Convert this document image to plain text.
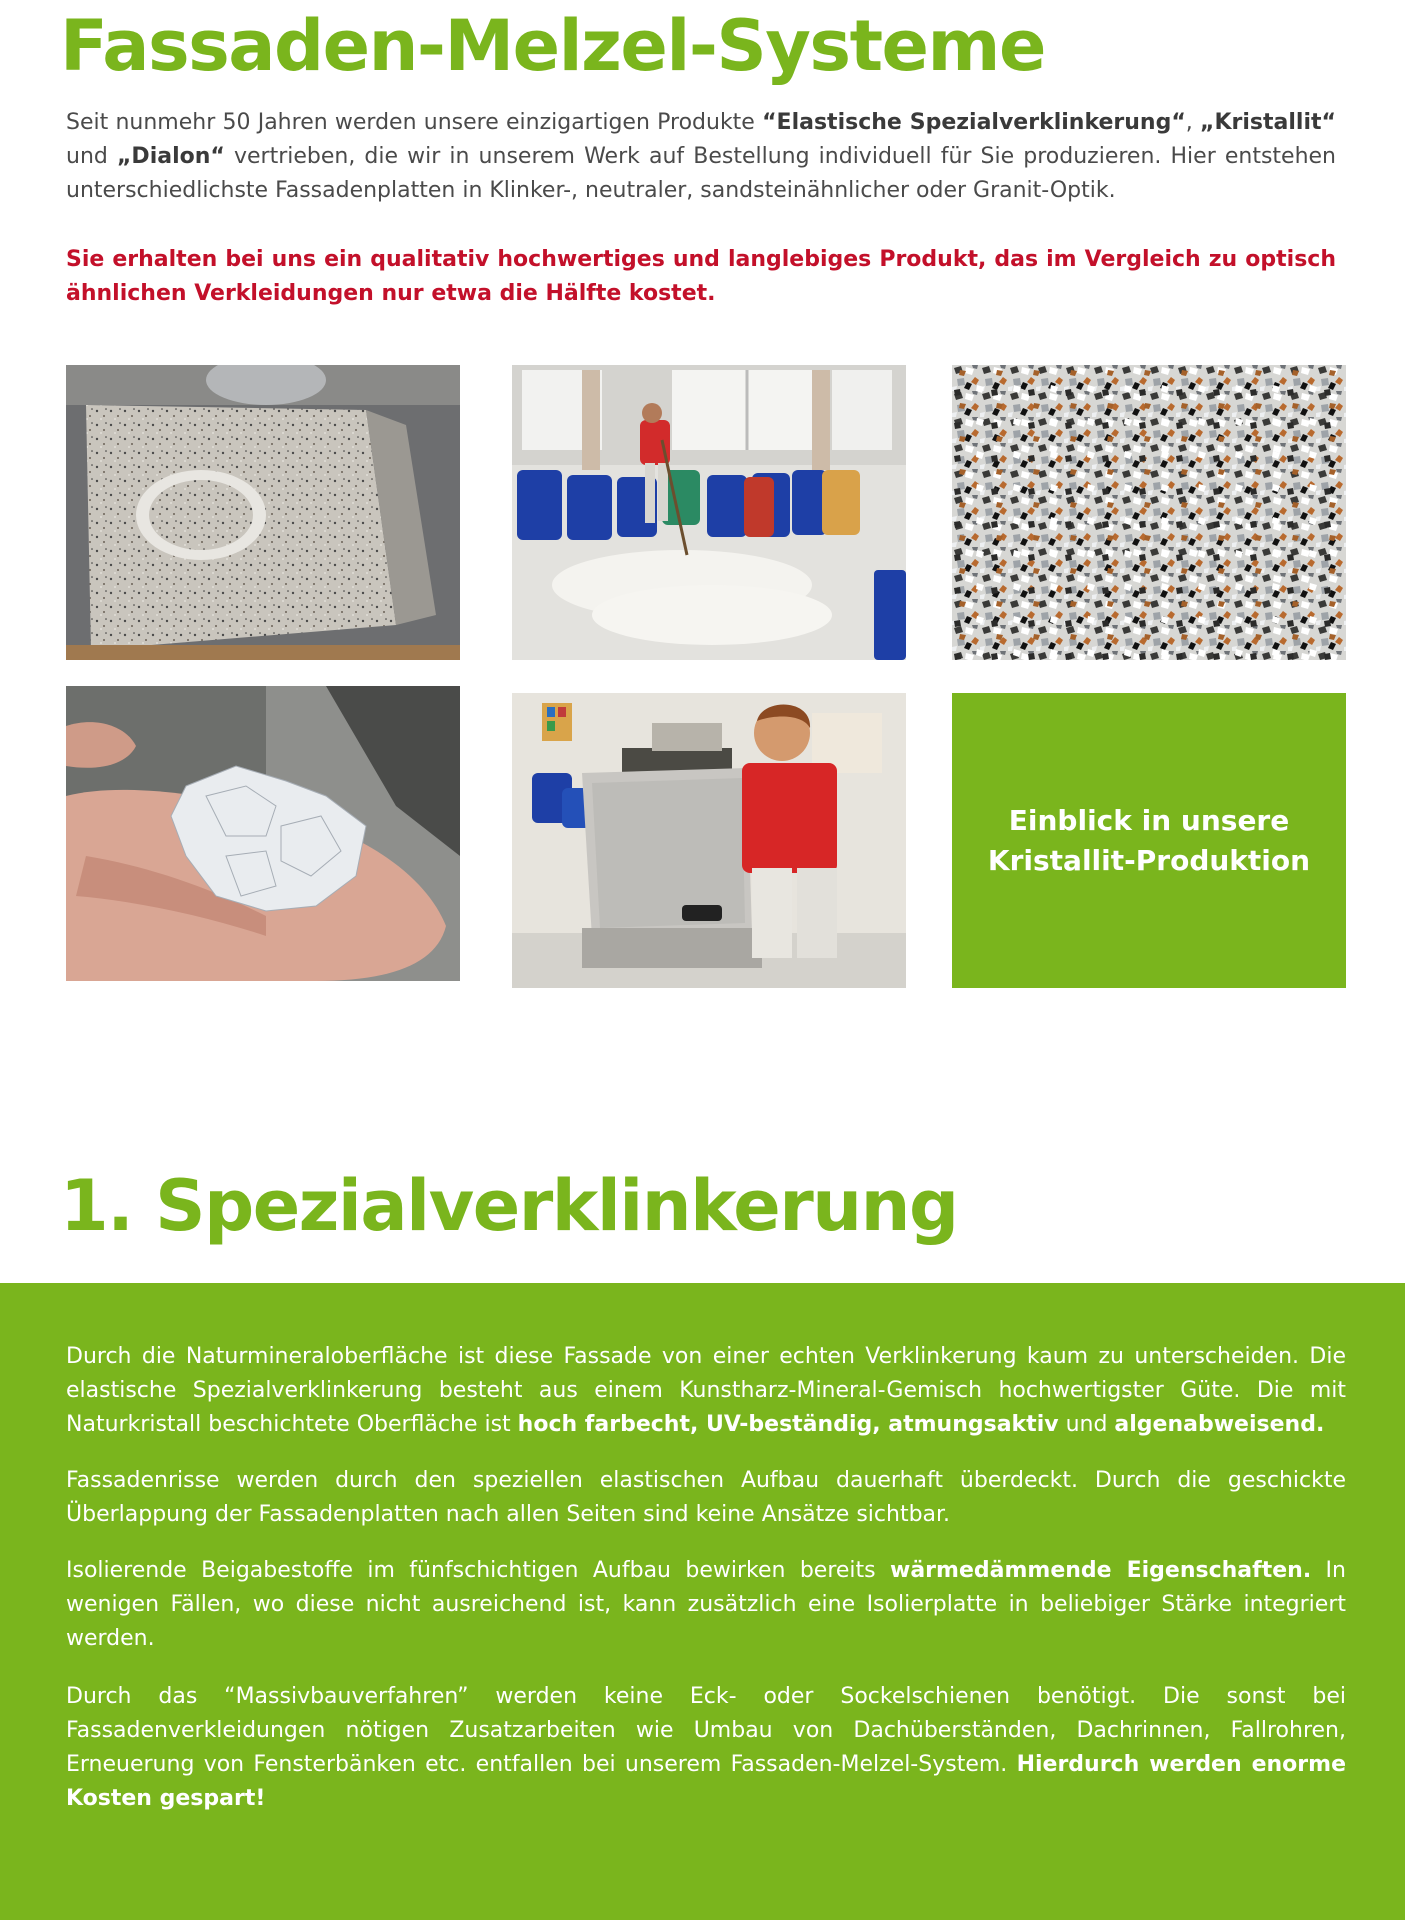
Fassaden-Melzel-Systeme

Seit nunmehr 50 Jahren werden unsere einzigartigen Produkte “Elastische Spezialverklinkerung“, „Kristallit“ und „Dialon“ vertrieben, die wir in unserem Werk auf Bestellung individuell für Sie produzieren. Hier entstehen unterschiedlichste Fassadenplatten in Klinker-, neutraler, sandsteinähnlicher oder Granit-Optik.

Sie erhalten bei uns ein qualitativ hochwertiges und langlebiges Produkt, das im Vergleich zu optisch ähnlichen Verkleidungen nur etwa die Hälfte kostet.

Einblick in unsere
Kristallit-Produktion
1. Spezialverklinkerung

Durch die Naturmineraloberfläche ist diese Fassade von einer echten Verklinkerung kaum zu unterscheiden. Die elastische Spezialverklinkerung besteht aus einem Kunstharz-Mineral-Gemisch hochwertigster Güte. Die mit Naturkristall beschichtete Oberfläche ist hoch farbecht, UV-beständig, atmungsaktiv und algenabweisend.

Fassadenrisse werden durch den speziellen elastischen Aufbau dauerhaft überdeckt. Durch die geschickte Überlappung der Fassadenplatten nach allen Seiten sind keine Ansätze sichtbar.

Isolierende Beigabestoffe im fünfschichtigen Aufbau bewirken bereits wärmedämmende Eigenschaften. In wenigen Fällen, wo diese nicht ausreichend ist, kann zusätzlich eine Isolierplatte in beliebiger Stärke integriert werden.

Durch das “Massivbauverfahren” werden keine Eck- oder Sockelschienen benötigt. Die sonst bei Fassadenverkleidungen nötigen Zusatzarbeiten wie Umbau von Dachüberständen, Dachrinnen, Fallrohren, Erneuerung von Fensterbänken etc. entfallen bei unserem Fassaden-Melzel-System. Hierdurch werden enorme Kosten gespart!
